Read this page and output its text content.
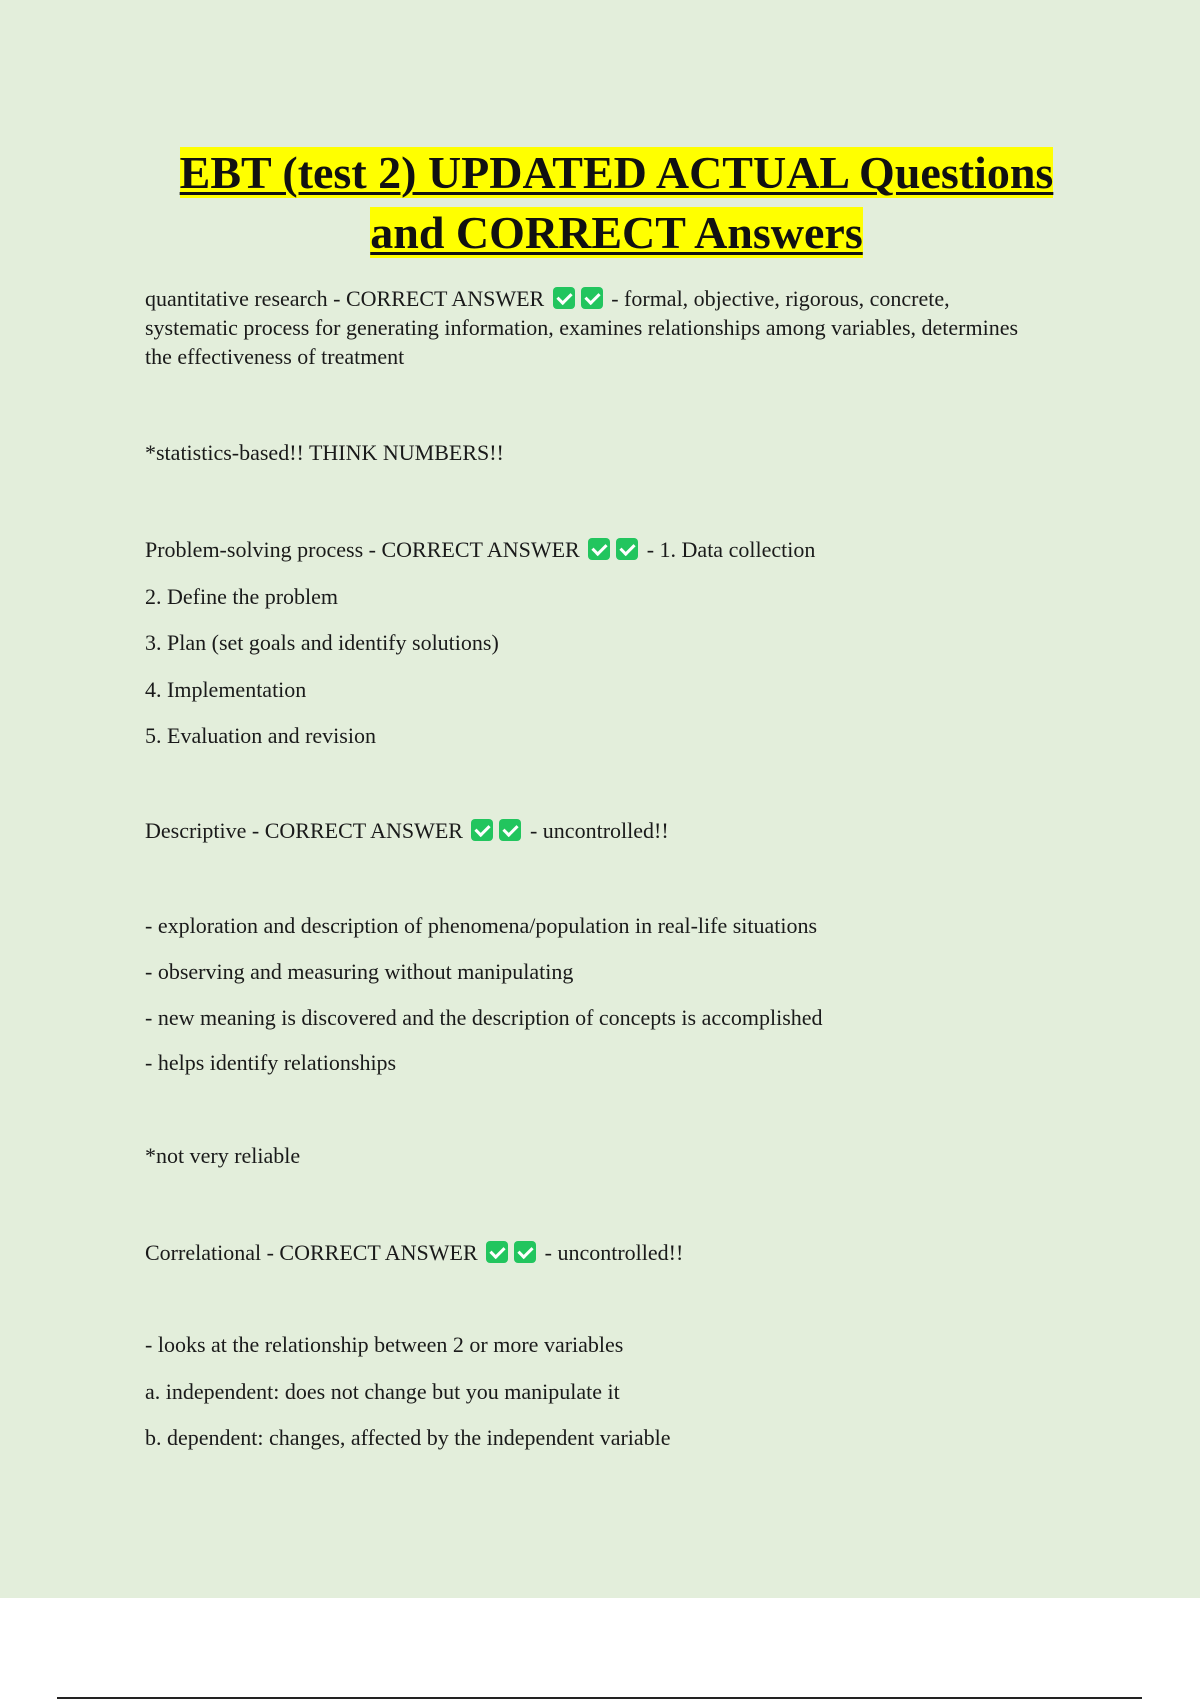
EBT (test 2) UPDATED ACTUAL Questions and CORRECT Answers
quantitative research - CORRECT ANSWER	- formal, objective, rigorous, concrete, systematic process for generating information, examines relationships among variables, determines the effectiveness of treatment
*statistics-based!! THINK NUMBERS!!
Problem-solving process - CORRECT ANSWER	- 1. Data collection
2. Define the problem
3. Plan (set goals and identify solutions)
4. Implementation
5. Evaluation and revision
Descriptive - CORRECT ANSWER	- uncontrolled!!
- exploration and description of phenomena/population in real-life situations
- observing and measuring without manipulating
- new meaning is discovered and the description of concepts is accomplished
- helps identify relationships
*not very reliable
Correlational - CORRECT ANSWER	- uncontrolled!!
- looks at the relationship between 2 or more variables
a. independent: does not change but you manipulate it
b. dependent: changes, affected by the independent variable
